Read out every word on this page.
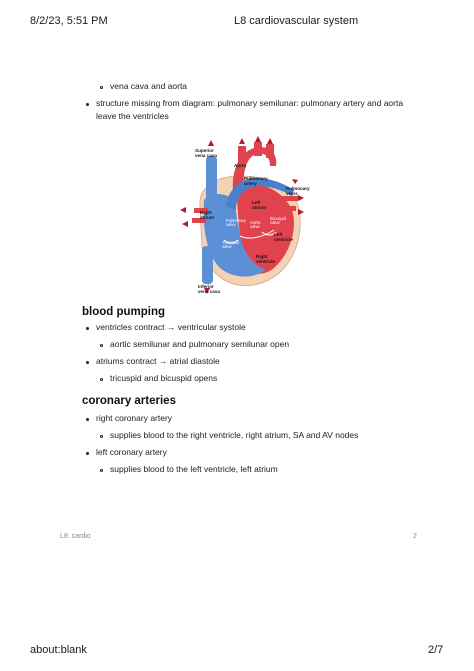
8/2/23, 5:51 PM	L8 cardiovascular system
vena cava and aorta
structure missing from diagram: pulmonary semilunar: pulmonary artery and aorta leave the ventricles
Superior
vena cava
Aorta
Pulmonary
artery
Pulmonary
veins
Left
atrium
Right
atrium
Pulmonary
valve	Aortic
valve
Bicuspid
valve
Tricuspid
valve
Left
ventricle
Right
ventricle
Inferior
vena cava
blood pumping
ventricles contract → ventricular systole
aortic semilunar and pulmonary semilunar open
atriums contract → atrial diastole
tricuspid and bicuspid opens
coronary arteries
right coronary artery
supplies blood to the right ventricle, right atrium, SA and AV nodes
left coronary artery
supplies blood to the left ventricle, left atrium
L8: cardio	2
about:blank	2/7
